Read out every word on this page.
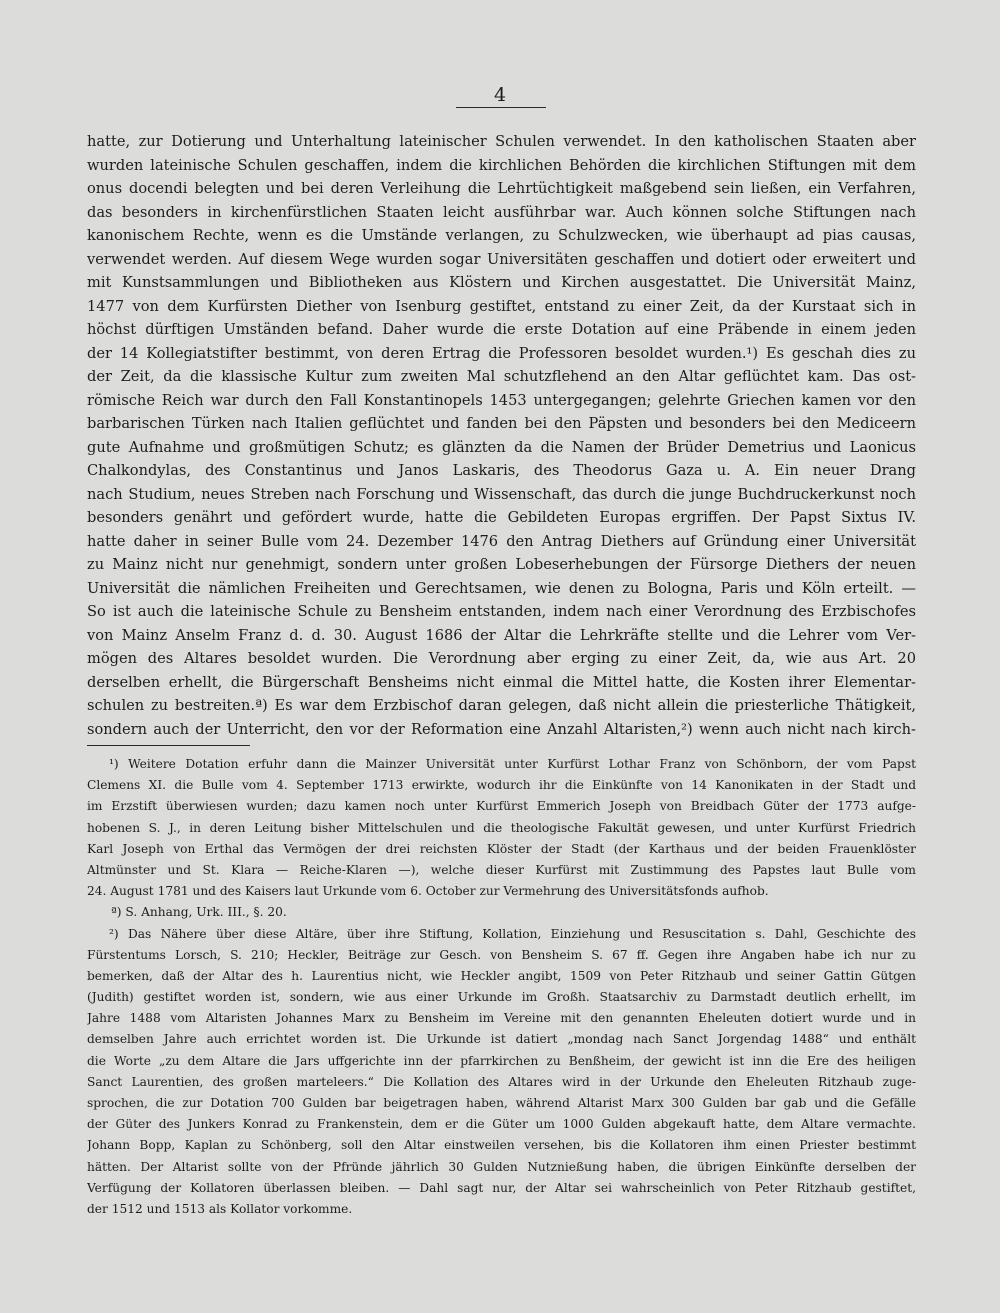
4
hatte, zur Dotierung und Unterhaltung lateinischer Schulen verwendet. In den katholischen Staaten aber
wurden lateinische Schulen geschaffen, indem die kirchlichen Behörden die kirchlichen Stiftungen mit dem
onus docendi belegten und bei deren Verleihung die Lehrtüchtigkeit maßgebend sein ließen, ein Verfahren,
das besonders in kirchenfürstlichen Staaten leicht ausführbar war. Auch können solche Stiftungen nach
kanonischem Rechte, wenn es die Umstände verlangen, zu Schulzwecken, wie überhaupt ad pias causas,
verwendet werden. Auf diesem Wege wurden sogar Universitäten geschaffen und dotiert oder erweitert und
mit Kunstsammlungen und Bibliotheken aus Klöstern und Kirchen ausgestattet. Die Universität Mainz,
1477 von dem Kurfürsten Diether von Isenburg gestiftet, entstand zu einer Zeit, da der Kurstaat sich in
höchst dürftigen Umständen befand. Daher wurde die erste Dotation auf eine Präbende in einem jeden
der 14 Kollegiatstifter bestimmt, von deren Ertrag die Professoren besoldet wurden.¹) Es geschah dies zu
der Zeit, da die klassische Kultur zum zweiten Mal schutzflehend an den Altar geflüchtet kam. Das ost-
römische Reich war durch den Fall Konstantinopels 1453 untergegangen; gelehrte Griechen kamen vor den
barbarischen Türken nach Italien geflüchtet und fanden bei den Päpsten und besonders bei den Mediceern
gute Aufnahme und großmütigen Schutz; es glänzten da die Namen der Brüder Demetrius und Laonicus
Chalkondylas, des Constantinus und Janos Laskaris, des Theodorus Gaza u. A. Ein neuer Drang
nach Studium, neues Streben nach Forschung und Wissenschaft, das durch die junge Buchdruckerkunst noch
besonders genährt und gefördert wurde, hatte die Gebildeten Europas ergriffen. Der Papst Sixtus IV.
hatte daher in seiner Bulle vom 24. Dezember 1476 den Antrag Diethers auf Gründung einer Universität
zu Mainz nicht nur genehmigt, sondern unter großen Lobeserhebungen der Fürsorge Diethers der neuen
Universität die nämlichen Freiheiten und Gerechtsamen, wie denen zu Bologna, Paris und Köln erteilt. —
So ist auch die lateinische Schule zu Bensheim entstanden, indem nach einer Verordnung des Erzbischofes
von Mainz Anselm Franz d. d. 30. August 1686 der Altar die Lehrkräfte stellte und die Lehrer vom Ver-
mögen des Altares besoldet wurden. Die Verordnung aber erging zu einer Zeit, da, wie aus Art. 20
derselben erhellt, die Bürgerschaft Bensheims nicht einmal die Mittel hatte, die Kosten ihrer Elementar-
schulen zu bestreiten.ª) Es war dem Erzbischof daran gelegen, daß nicht allein die priesterliche Thätigkeit,
sondern auch der Unterricht, den vor der Reformation eine Anzahl Altaristen,²) wenn auch nicht nach kirch-
¹) Weitere Dotation erfuhr dann die Mainzer Universität unter Kurfürst Lothar Franz von Schönborn, der vom Papst
Clemens XI. die Bulle vom 4. September 1713 erwirkte, wodurch ihr die Einkünfte von 14 Kanonikaten in der Stadt und
im Erzstift überwiesen wurden; dazu kamen noch unter Kurfürst Emmerich Joseph von Breidbach Güter der 1773 aufge-
hobenen S. J., in deren Leitung bisher Mittelschulen und die theologische Fakultät gewesen, und unter Kurfürst Friedrich
Karl Joseph von Erthal das Vermögen der drei reichsten Klöster der Stadt (der Karthaus und der beiden Frauenklöster
Altmünster und St. Klara — Reiche-Klaren —), welche dieser Kurfürst mit Zustimmung des Papstes laut Bulle vom
24. August 1781 und des Kaisers laut Urkunde vom 6. October zur Vermehrung des Universitätsfonds aufhob.
ª) S. Anhang, Urk. III., §. 20.
²) Das Nähere über diese Altäre, über ihre Stiftung, Kollation, Einziehung und Resuscitation s. Dahl, Geschichte des
Fürstentums Lorsch, S. 210; Heckler, Beiträge zur Gesch. von Bensheim S. 67 ff. Gegen ihre Angaben habe ich nur zu
bemerken, daß der Altar des h. Laurentius nicht, wie Heckler angibt, 1509 von Peter Ritzhaub und seiner Gattin Gütgen
(Judith) gestiftet worden ist, sondern, wie aus einer Urkunde im Großh. Staatsarchiv zu Darmstadt deutlich erhellt, im
Jahre 1488 vom Altaristen Johannes Marx zu Bensheim im Vereine mit den genannten Eheleuten dotiert wurde und in
demselben Jahre auch errichtet worden ist. Die Urkunde ist datiert „mondag nach Sanct Jorgendag 1488“ und enthält
die Worte „zu dem Altare die Jars uffgerichte inn der pfarrkirchen zu Benßheim, der gewicht ist inn die Ere des heiligen
Sanct Laurentien, des großen marteleers.“ Die Kollation des Altares wird in der Urkunde den Eheleuten Ritzhaub zuge-
sprochen, die zur Dotation 700 Gulden bar beigetragen haben, während Altarist Marx 300 Gulden bar gab und die Gefälle
der Güter des Junkers Konrad zu Frankenstein, dem er die Güter um 1000 Gulden abgekauft hatte, dem Altare vermachte.
Johann Bopp, Kaplan zu Schönberg, soll den Altar einstweilen versehen, bis die Kollatoren ihm einen Priester bestimmt
hätten. Der Altarist sollte von der Pfründe jährlich 30 Gulden Nutznießung haben, die übrigen Einkünfte derselben der
Verfügung der Kollatoren überlassen bleiben. — Dahl sagt nur, der Altar sei wahrscheinlich von Peter Ritzhaub gestiftet,
der 1512 und 1513 als Kollator vorkomme.
